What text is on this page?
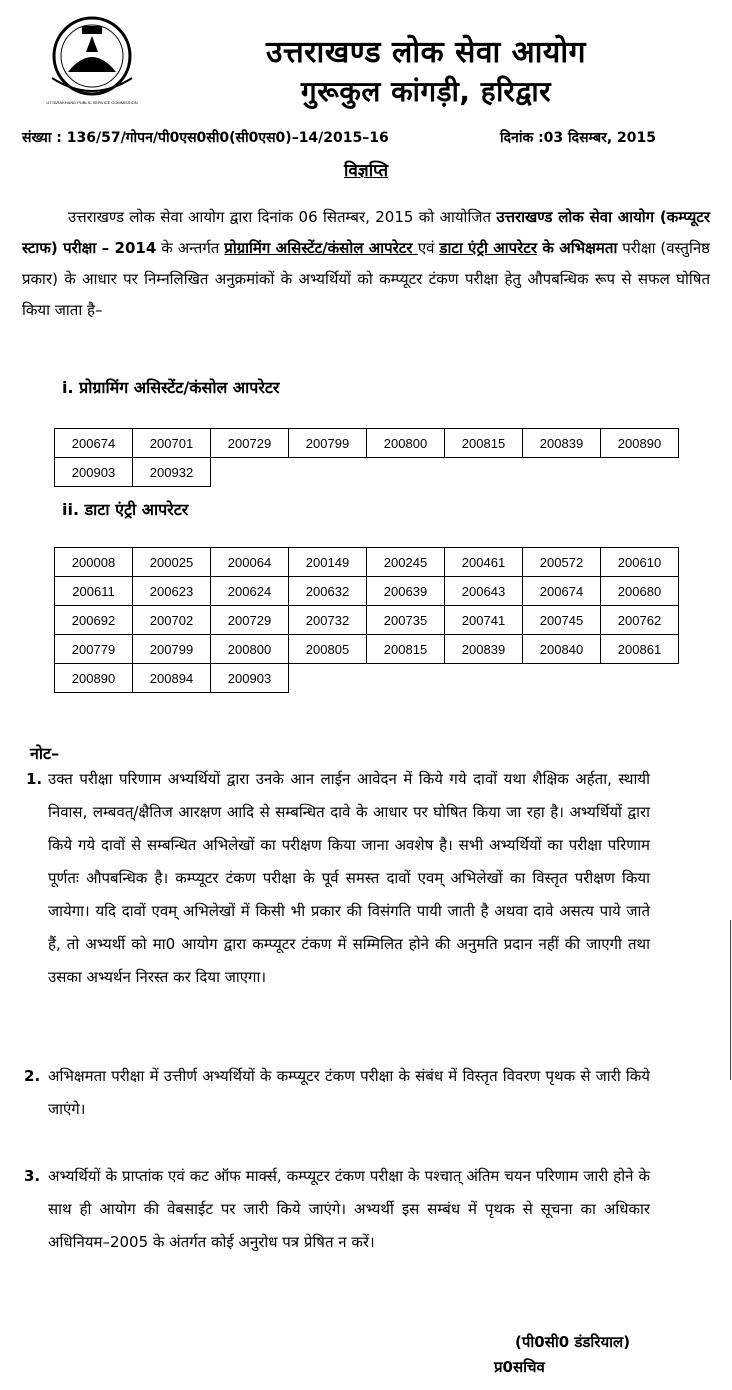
UTTARAKHAND PUBLIC SERVICE COMMISSION
उत्तराखण्ड लोक सेवा आयोग
गुरूकुल कांगड़ी, हरिद्वार
संख्या : 136/57/गोपन/पी0एस0सी0(सी0एस0)–14/2015–16	दिनांक :03 दिसम्बर, 2015
विज्ञप्ति
उत्तराखण्ड लोक सेवा आयोग द्वारा दिनांक 06 सितम्बर, 2015 को आयोजित उत्तराखण्ड लोक सेवा आयोग (कम्प्यूटर स्टाफ) परीक्षा – 2014 के अन्तर्गत प्रोग्रामिंग असिस्टेंट/कंसोल आपरेटर एवं डाटा एंट्री आपरेटर के अभिक्षमता परीक्षा (वस्तुनिष्ठ प्रकार) के आधार पर निम्नलिखित अनुक्रमांकों के अभ्यर्थियों को कम्प्यूटर टंकण परीक्षा हेतु औपबन्धिक रूप से सफल घोषित किया जाता है–
i. प्रोग्रामिंग असिस्टेंट/कंसोल आपरेटर
200674	200701	200729	200799	200800	200815	200839	200890
200903	200932						
ii. डाटा एंट्री आपरेटर
200008	200025	200064	200149	200245	200461	200572	200610
200611	200623	200624	200632	200639	200643	200674	200680
200692	200702	200729	200732	200735	200741	200745	200762
200779	200799	200800	200805	200815	200839	200840	200861
200890	200894	200903					
नोट–
1. उक्त परीक्षा परिणाम अभ्यर्थियों द्वारा उनके आन लाईन आवेदन में किये गये दावों यथा शैक्षिक अर्हता, स्थायी निवास, लम्बवत्/क्षैतिज आरक्षण आदि से सम्बन्धित दावे के आधार पर घोषित किया जा रहा है। अभ्यर्थियों द्वारा किये गये दावों से सम्बन्धित अभिलेखों का परीक्षण किया जाना अवशेष है। सभी अभ्यर्थियों का परीक्षा परिणाम पूर्णतः औपबन्धिक है। कम्प्यूटर टंकण परीक्षा के पूर्व समस्त दावों एवम् अभिलेखों का विस्तृत परीक्षण किया जायेगा। यदि दावों एवम् अभिलेखों में किसी भी प्रकार की विसंगति पायी जाती है अथवा दावे असत्य पाये जाते हैं, तो अभ्यर्थी को मा0 आयोग द्वारा कम्प्यूटर टंकण में सम्मिलित होने की अनुमति प्रदान नहीं की जाएगी तथा उसका अभ्यर्थन निरस्त कर दिया जाएगा।
2. अभिक्षमता परीक्षा में उत्तीर्ण अभ्यर्थियों के कम्प्यूटर टंकण परीक्षा के संबंध में विस्तृत विवरण पृथक से जारी किये जाएंगे।
3. अभ्यर्थियों के प्राप्तांक एवं कट ऑफ मार्क्स, कम्प्यूटर टंकण परीक्षा के पश्चात् अंतिम चयन परिणाम जारी होने के साथ ही आयोग की वेबसाईट पर जारी किये जाएंगे। अभ्यर्थी इस सम्बंध में पृथक से सूचना का अधिकार अधिनियम–2005 के अंतर्गत कोई अनुरोध पत्र प्रेषित न करें।
(पी0सी0 डंडरियाल)
प्र0सचिव
